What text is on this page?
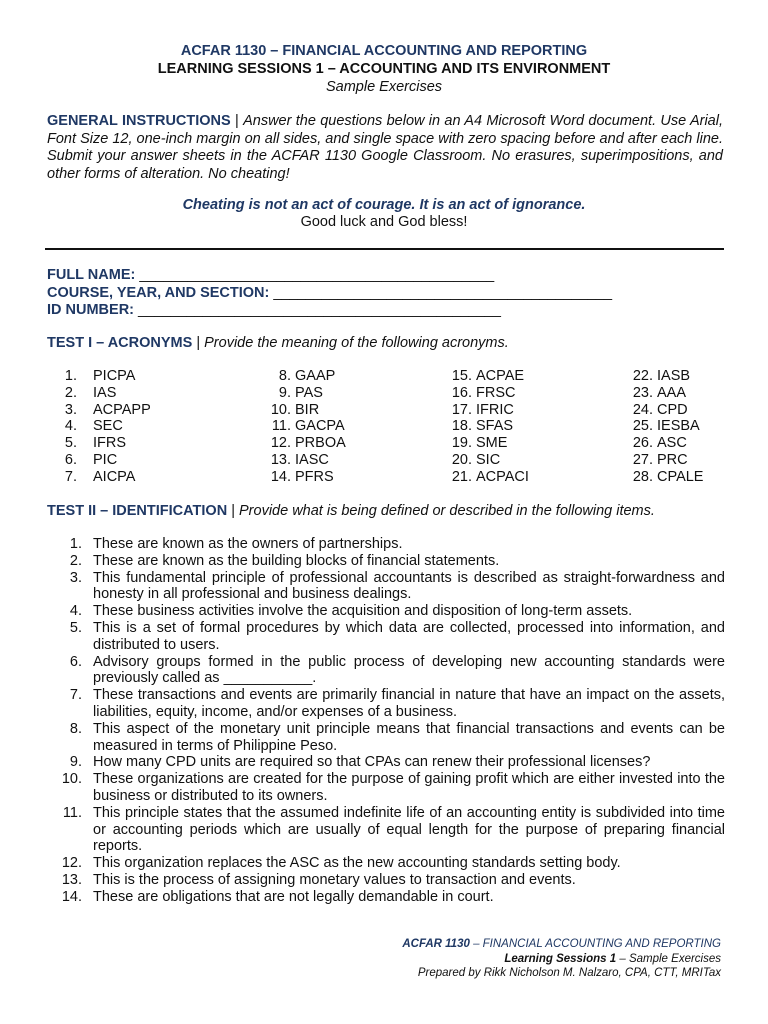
ACFAR 1130 – FINANCIAL ACCOUNTING AND REPORTING
LEARNING SESSIONS 1 – ACCOUNTING AND ITS ENVIRONMENT
Sample Exercises
GENERAL INSTRUCTIONS | Answer the questions below in an A4 Microsoft Word document. Use Arial, Font Size 12, one-inch margin on all sides, and single space with zero spacing before and after each line. Submit your answer sheets in the ACFAR 1130 Google Classroom. No erasures, superimpositions, and other forms of alteration. No cheating!
Cheating is not an act of courage. It is an act of ignorance.
Good luck and God bless!
FULL NAME: ____________________________________________
COURSE, YEAR, AND SECTION: __________________________________________
ID NUMBER: _____________________________________________
TEST I – ACRONYMS | Provide the meaning of the following acronyms.
1. PICPA
2. IAS
3. ACPAPP
4. SEC
5. IFRS
6. PIC
7. AICPA
8. GAAP
9. PAS
10. BIR
11. GACPA
12. PRBOA
13. IASC
14. PFRS
15. ACPAE
16. FRSC
17. IFRIC
18. SFAS
19. SME
20. SIC
21. ACPACI
22. IASB
23. AAA
24. CPD
25. IESBA
26. ASC
27. PRC
28. CPALE
TEST II – IDENTIFICATION | Provide what is being defined or described in the following items.
1. These are known as the owners of partnerships.
2. These are known as the building blocks of financial statements.
3. This fundamental principle of professional accountants is described as straight-forwardness and honesty in all professional and business dealings.
4. These business activities involve the acquisition and disposition of long-term assets.
5. This is a set of formal procedures by which data are collected, processed into information, and distributed to users.
6. Advisory groups formed in the public process of developing new accounting standards were previously called as ___________.
7. These transactions and events are primarily financial in nature that have an impact on the assets, liabilities, equity, income, and/or expenses of a business.
8. This aspect of the monetary unit principle means that financial transactions and events can be measured in terms of Philippine Peso.
9. How many CPD units are required so that CPAs can renew their professional licenses?
10. These organizations are created for the purpose of gaining profit which are either invested into the business or distributed to its owners.
11. This principle states that the assumed indefinite life of an accounting entity is subdivided into time or accounting periods which are usually of equal length for the purpose of preparing financial reports.
12. This organization replaces the ASC as the new accounting standards setting body.
13. This is the process of assigning monetary values to transaction and events.
14. These are obligations that are not legally demandable in court.
ACFAR 1130 – FINANCIAL ACCOUNTING AND REPORTING
Learning Sessions 1 – Sample Exercises
Prepared by Rikk Nicholson M. Nalzaro, CPA, CTT, MRITax
